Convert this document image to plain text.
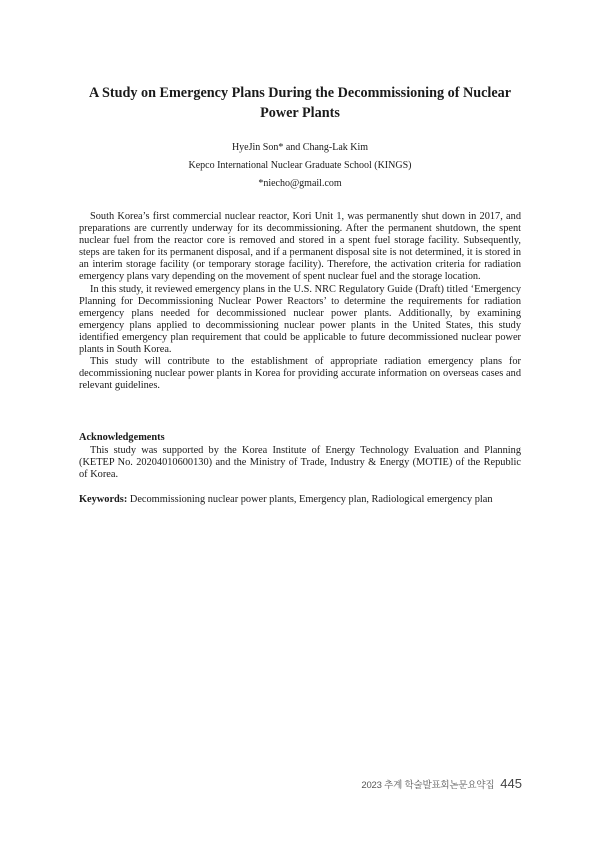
A Study on Emergency Plans During the Decommissioning of Nuclear Power Plants
HyeJin Son* and Chang-Lak Kim
Kepco International Nuclear Graduate School (KINGS)
*niecho@gmail.com

South Korea’s first commercial nuclear reactor, Kori Unit 1, was permanently shut down in 2017, and preparations are currently underway for its decommissioning. After the permanent shutdown, the spent nuclear fuel from the reactor core is removed and stored in a spent fuel storage facility. Subsequently, steps are taken for its permanent disposal, and if a permanent disposal site is not determined, it is stored in an interim storage facility (or temporary storage facility). Therefore, the activation criteria for radiation emergency plans vary depending on the movement of spent nuclear fuel and the storage location.

In this study, it reviewed emergency plans in the U.S. NRC Regulatory Guide (Draft) titled ‘Emergency Planning for Decommissioning Nuclear Power Reactors’ to determine the requirements for radiation emergency plans needed for decommissioned nuclear power plants. Additionally, by examining emergency plans applied to decommissioning nuclear power plants in the United States, this study identified emergency plan requirement that could be applicable to future decommissioned nuclear power plants in South Korea.

This study will contribute to the establishment of appropriate radiation emergency plans for decommissioning nuclear power plants in Korea for providing accurate information on overseas cases and relevant guidelines.

Acknowledgements

This study was supported by the Korea Institute of Energy Technology Evaluation and Planning (KETEP No. 20204010600130) and the Ministry of Trade, Industry & Energy (MOTIE) of the Republic of Korea.

Keywords: Decommissioning nuclear power plants, Emergency plan, Radiological emergency plan

2023 추계 학술발표회논문요약집 445
